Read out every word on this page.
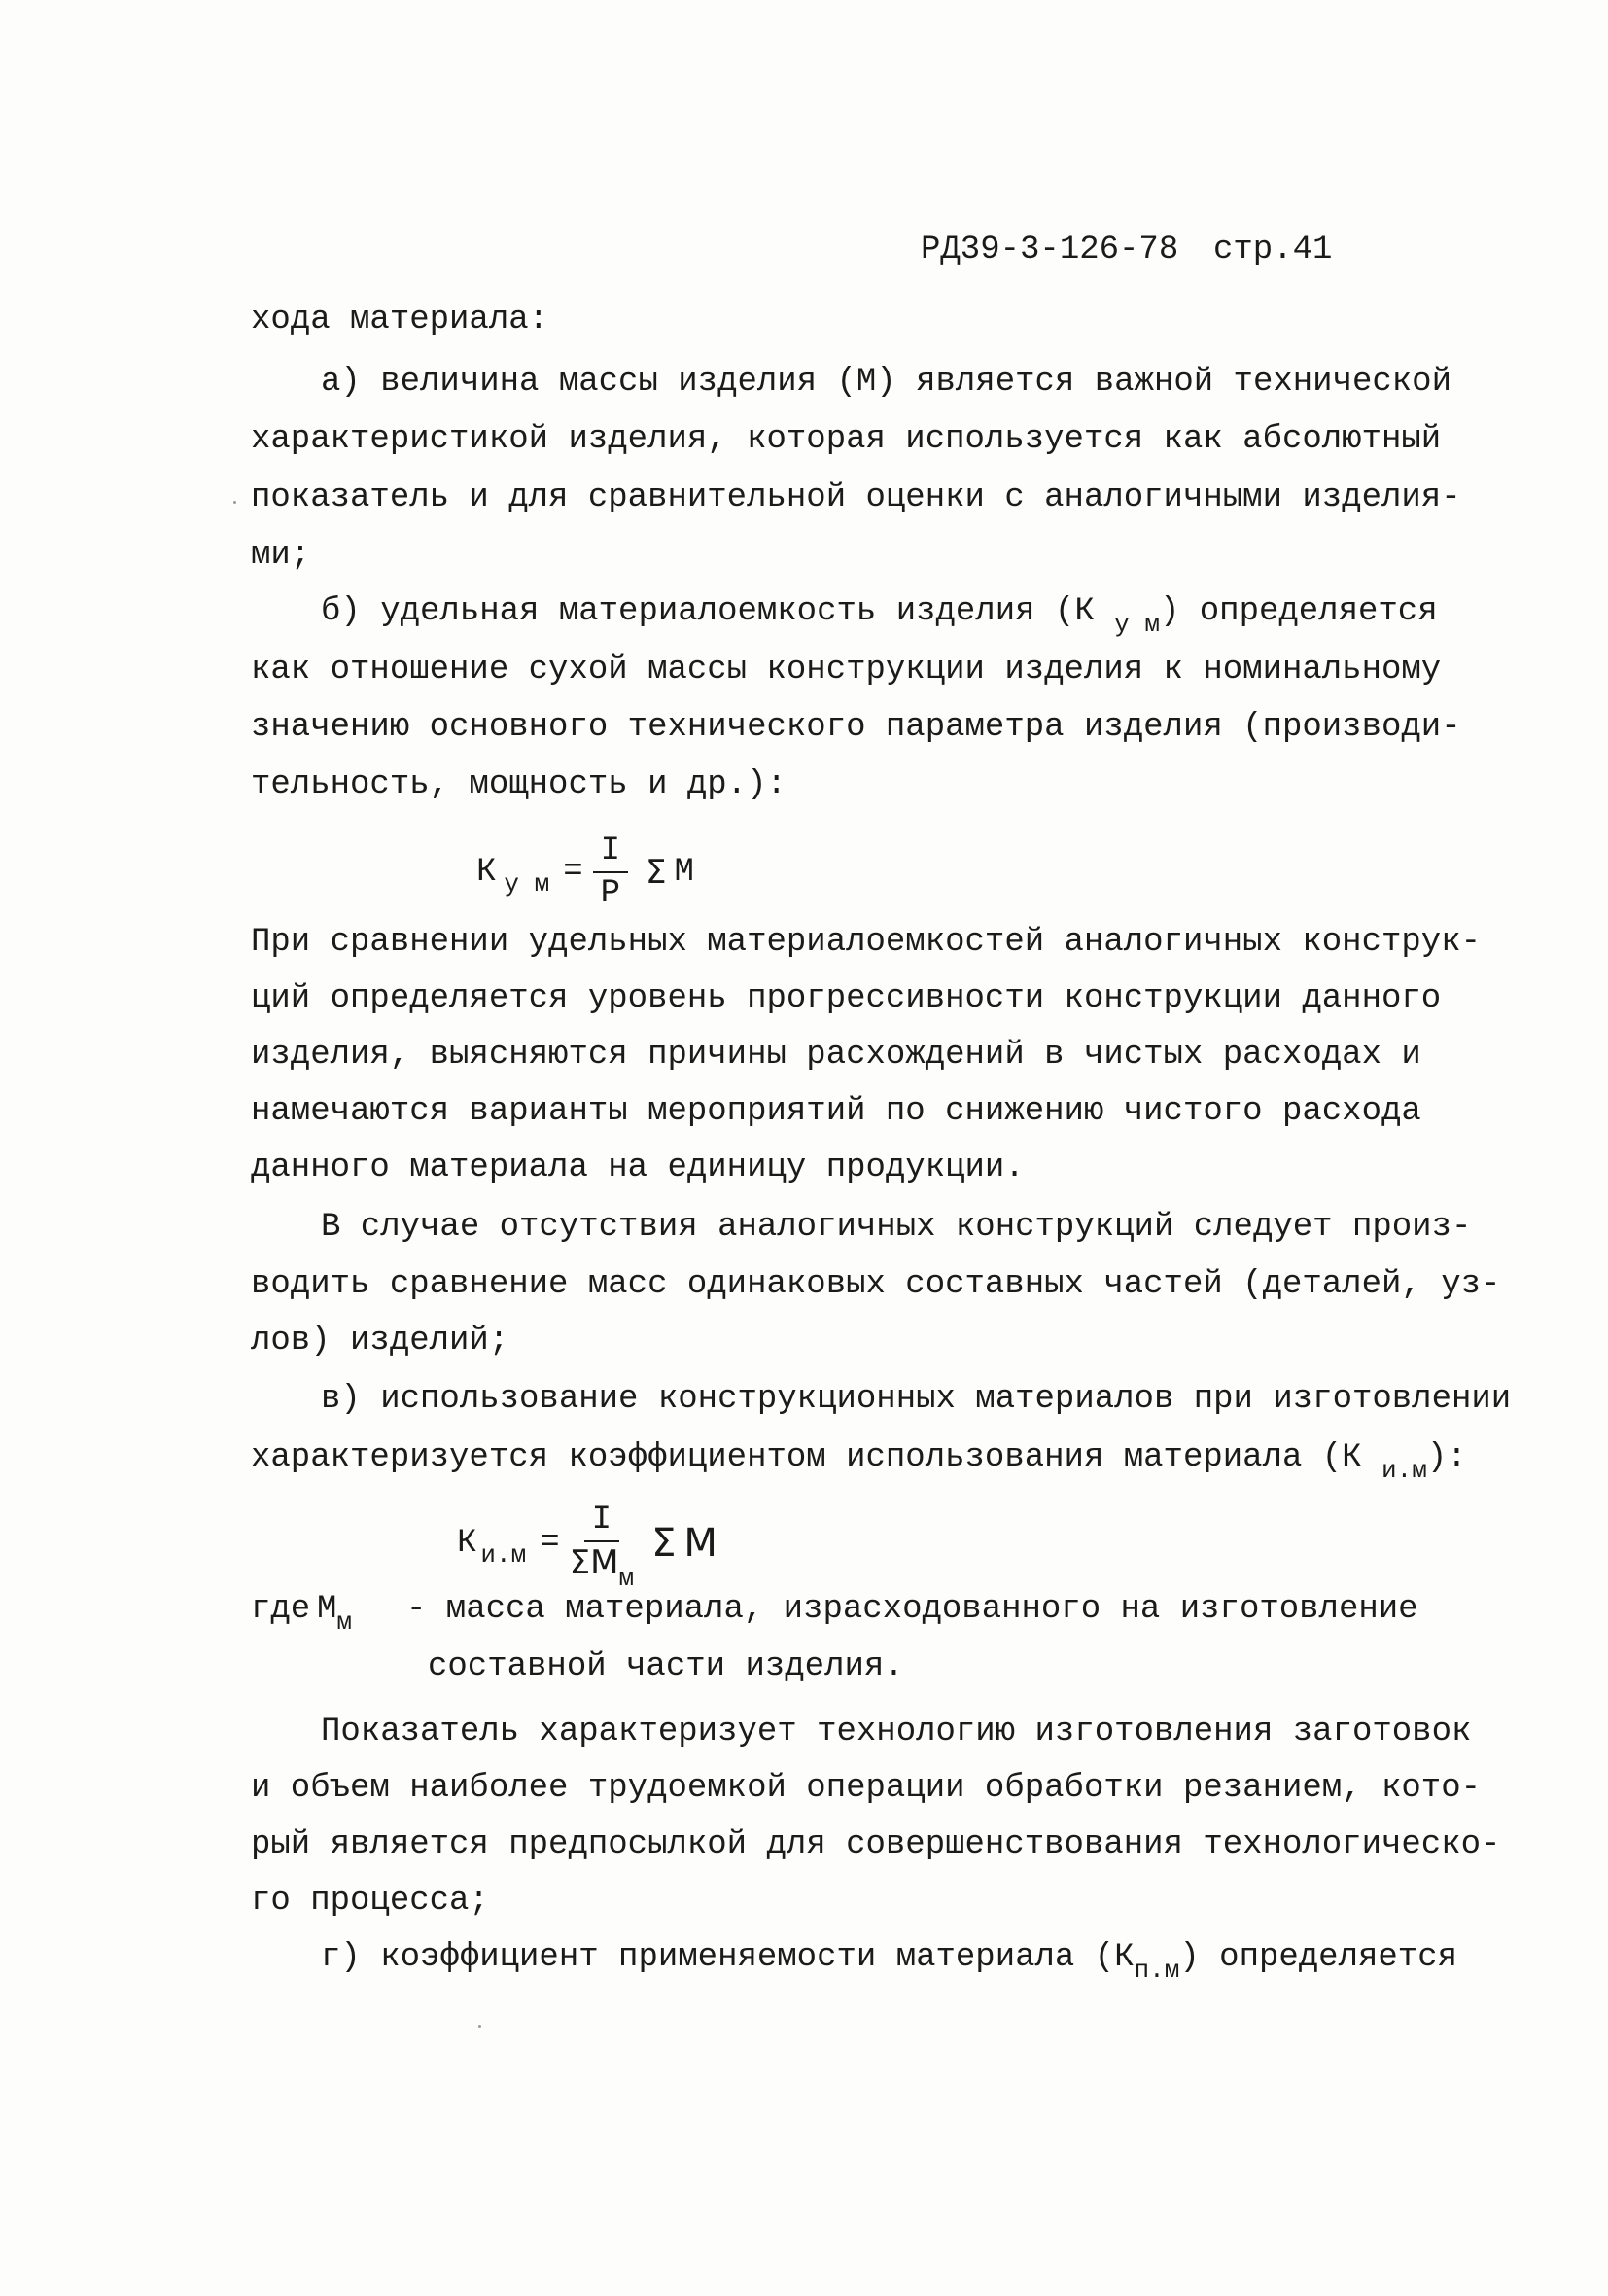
РД39-3-126-78 стр.41
хода материала:
а) величина массы изделия (М) является важной технической
характеристикой изделия, которая используется как абсолютный
показатель и для сравнительной оценки с аналогичными изделия-
ми;
б) удельная материалоемкость изделия (К $_{у м}$) определяется
как отношение сухой массы конструкции изделия к номинальному
значению основного технического параметра изделия (производи-
тельность, мощность и др.):
К у $м = \frac{I}{P}$ Σ М
При сравнении удельных материалоемкостей аналогичных конструк-
ций определяется уровень прогрессивности конструкции данного
изделия, выясняются причины расхождений в чистых расходах и
намечаются варианты мероприятий по снижению чистого расхода
данного материала на единицу продукции.
В случае отсутствия аналогичных конструкций следует произ-
водить сравнение масс одинаковых составных частей (деталей, уз-
лов) изделий;
в) использование конструкционных материалов при изготовлении
характеризуется коэффициентом использования материала (К $_{и.м}$):
К $и.м = \frac{I}{\Sigma М_м}$ Σ М
где $М_м$ - масса материала, израсходованного на изготовление
составной части изделия.
Показатель характеризует технологию изготовления заготовок
и объем наиболее трудоемкой операции обработки резанием, кото-
рый является предпосылкой для совершенствования технологическо-
го процесса;
г) коэффициент применяемости материала $(К_{п.м})$ определяется
